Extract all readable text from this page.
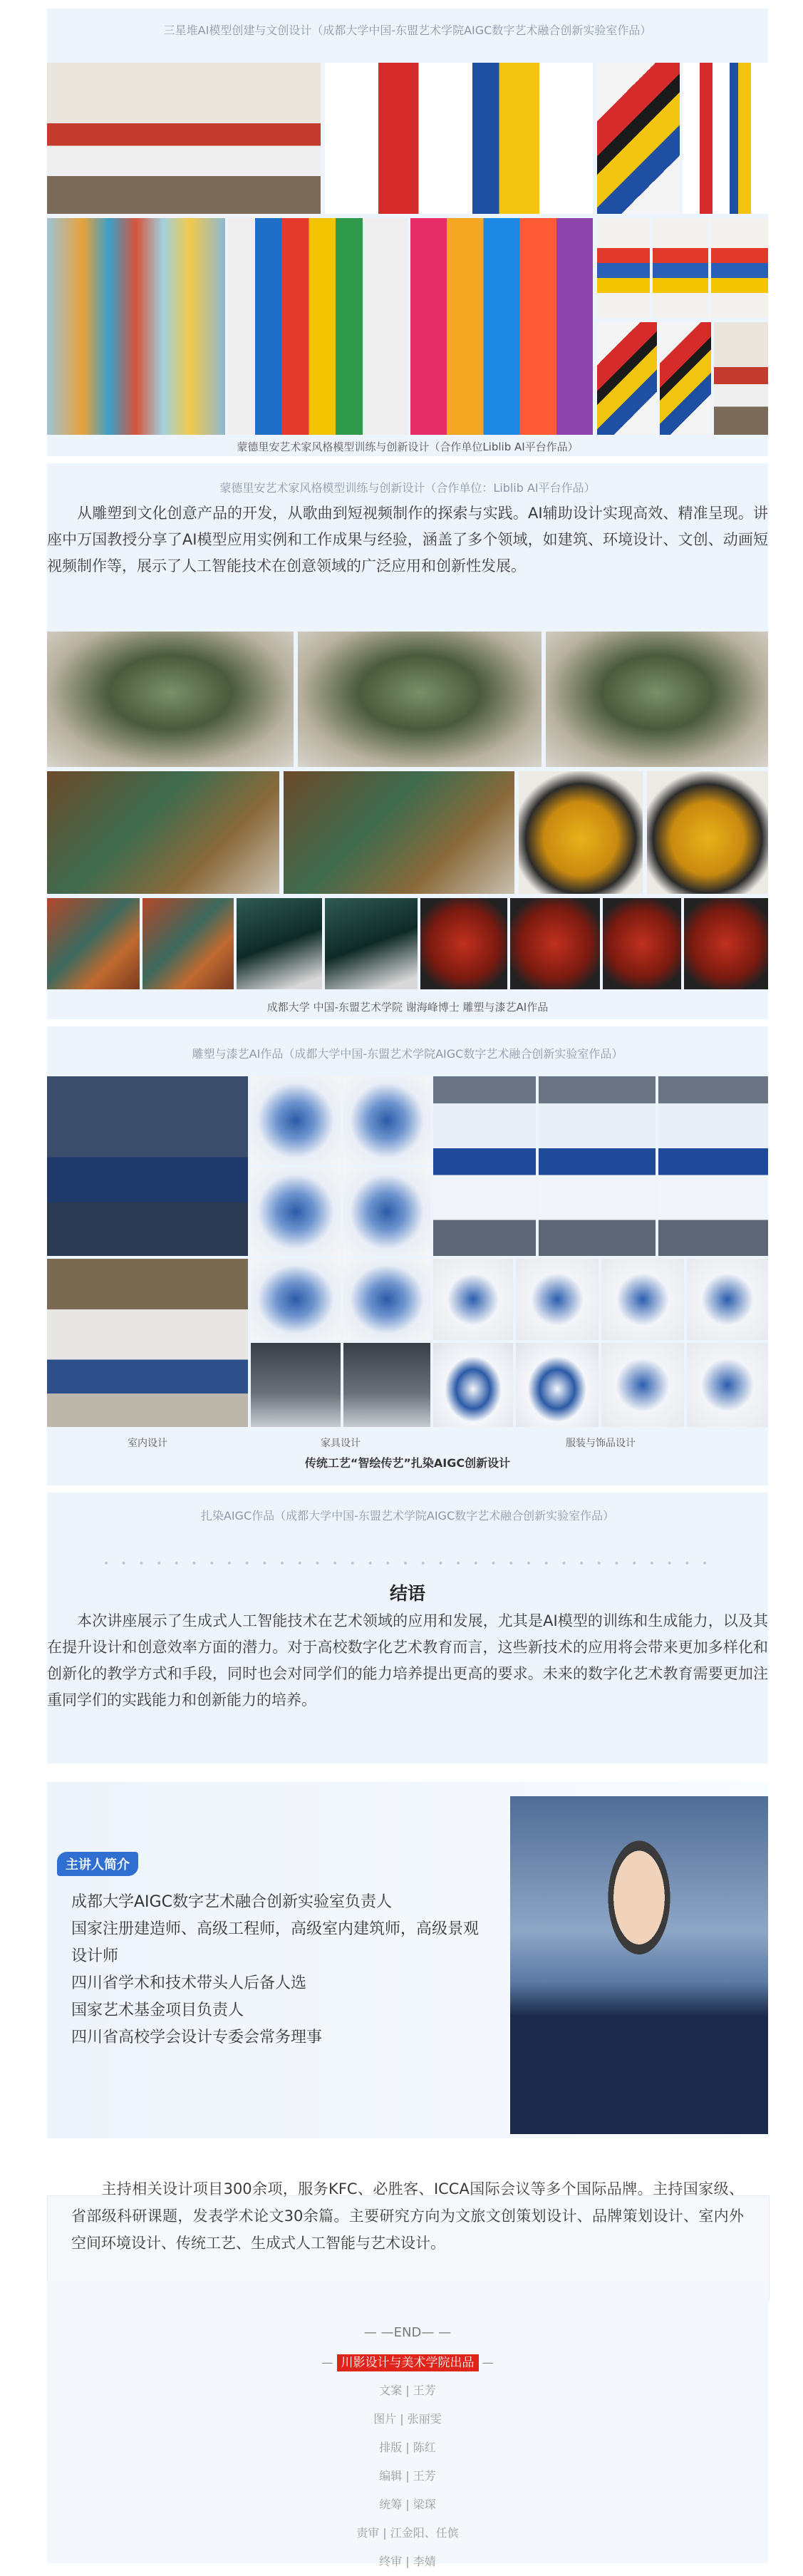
三星堆AI模型创建与文创设计（成都大学中国-东盟艺术学院AIGC数字艺术融合创新实验室作品）
蒙德里安艺术家风格模型训练与创新设计（合作单位Liblib AI平台作品）
蒙德里安艺术家风格模型训练与创新设计（合作单位：Liblib AI平台作品）
从雕塑到文化创意产品的开发，从歌曲到短视频制作的探索与实践。AI辅助设计实现高效、精准呈现。讲座中万国教授分享了AI模型应用实例和工作成果与经验，涵盖了多个领域，如建筑、环境设计、文创、动画短视频制作等，展示了人工智能技术在创意领域的广泛应用和创新性发展。
成都大学 中国-东盟艺术学院 谢海峰博士 雕塑与漆艺AI作品
雕塑与漆艺AI作品（成都大学中国-东盟艺术学院AIGC数字艺术融合创新实验室作品）
室内设计	家具设计	服装与饰品设计
传统工艺“智绘传艺”扎染AIGC创新设计
扎染AIGC作品（成都大学中国-东盟艺术学院AIGC数字艺术融合创新实验室作品）
• • • • • • • • • • • • • • • • • • • • • • • • • • • • • • • • • • •
结语
本次讲座展示了生成式人工智能技术在艺术领域的应用和发展，尤其是AI模型的训练和生成能力，以及其在提升设计和创意效率方面的潜力。对于高校数字化艺术教育而言，这些新技术的应用将会带来更加多样化和创新化的教学方式和手段，同时也会对同学们的能力培养提出更高的要求。未来的数字化艺术教育需要更加注重同学们的实践能力和创新能力的培养。
主讲人简介
成都大学AIGC数字艺术融合创新实验室负责人
国家注册建造师、高级工程师，高级室内建筑师，高级景观设计师
四川省学术和技术带头人后备人选
国家艺术基金项目负责人
四川省高校学会设计专委会常务理事
主持相关设计项目300余项，服务KFC、必胜客、ICCA国际会议等多个国际品牌。主持国家级、省部级科研课题，发表学术论文30余篇。主要研究方向为文旅文创策划设计、品牌策划设计、室内外空间环境设计、传统工艺、生成式人工智能与艺术设计。
— —END— —
— 川影设计与美术学院出品 —
文案 | 王芳
图片 | 张丽雯
排版 | 陈红
编辑 | 王芳
统筹 | 梁琛
责审 | 江金阳、任傧
终审 | 李婧
